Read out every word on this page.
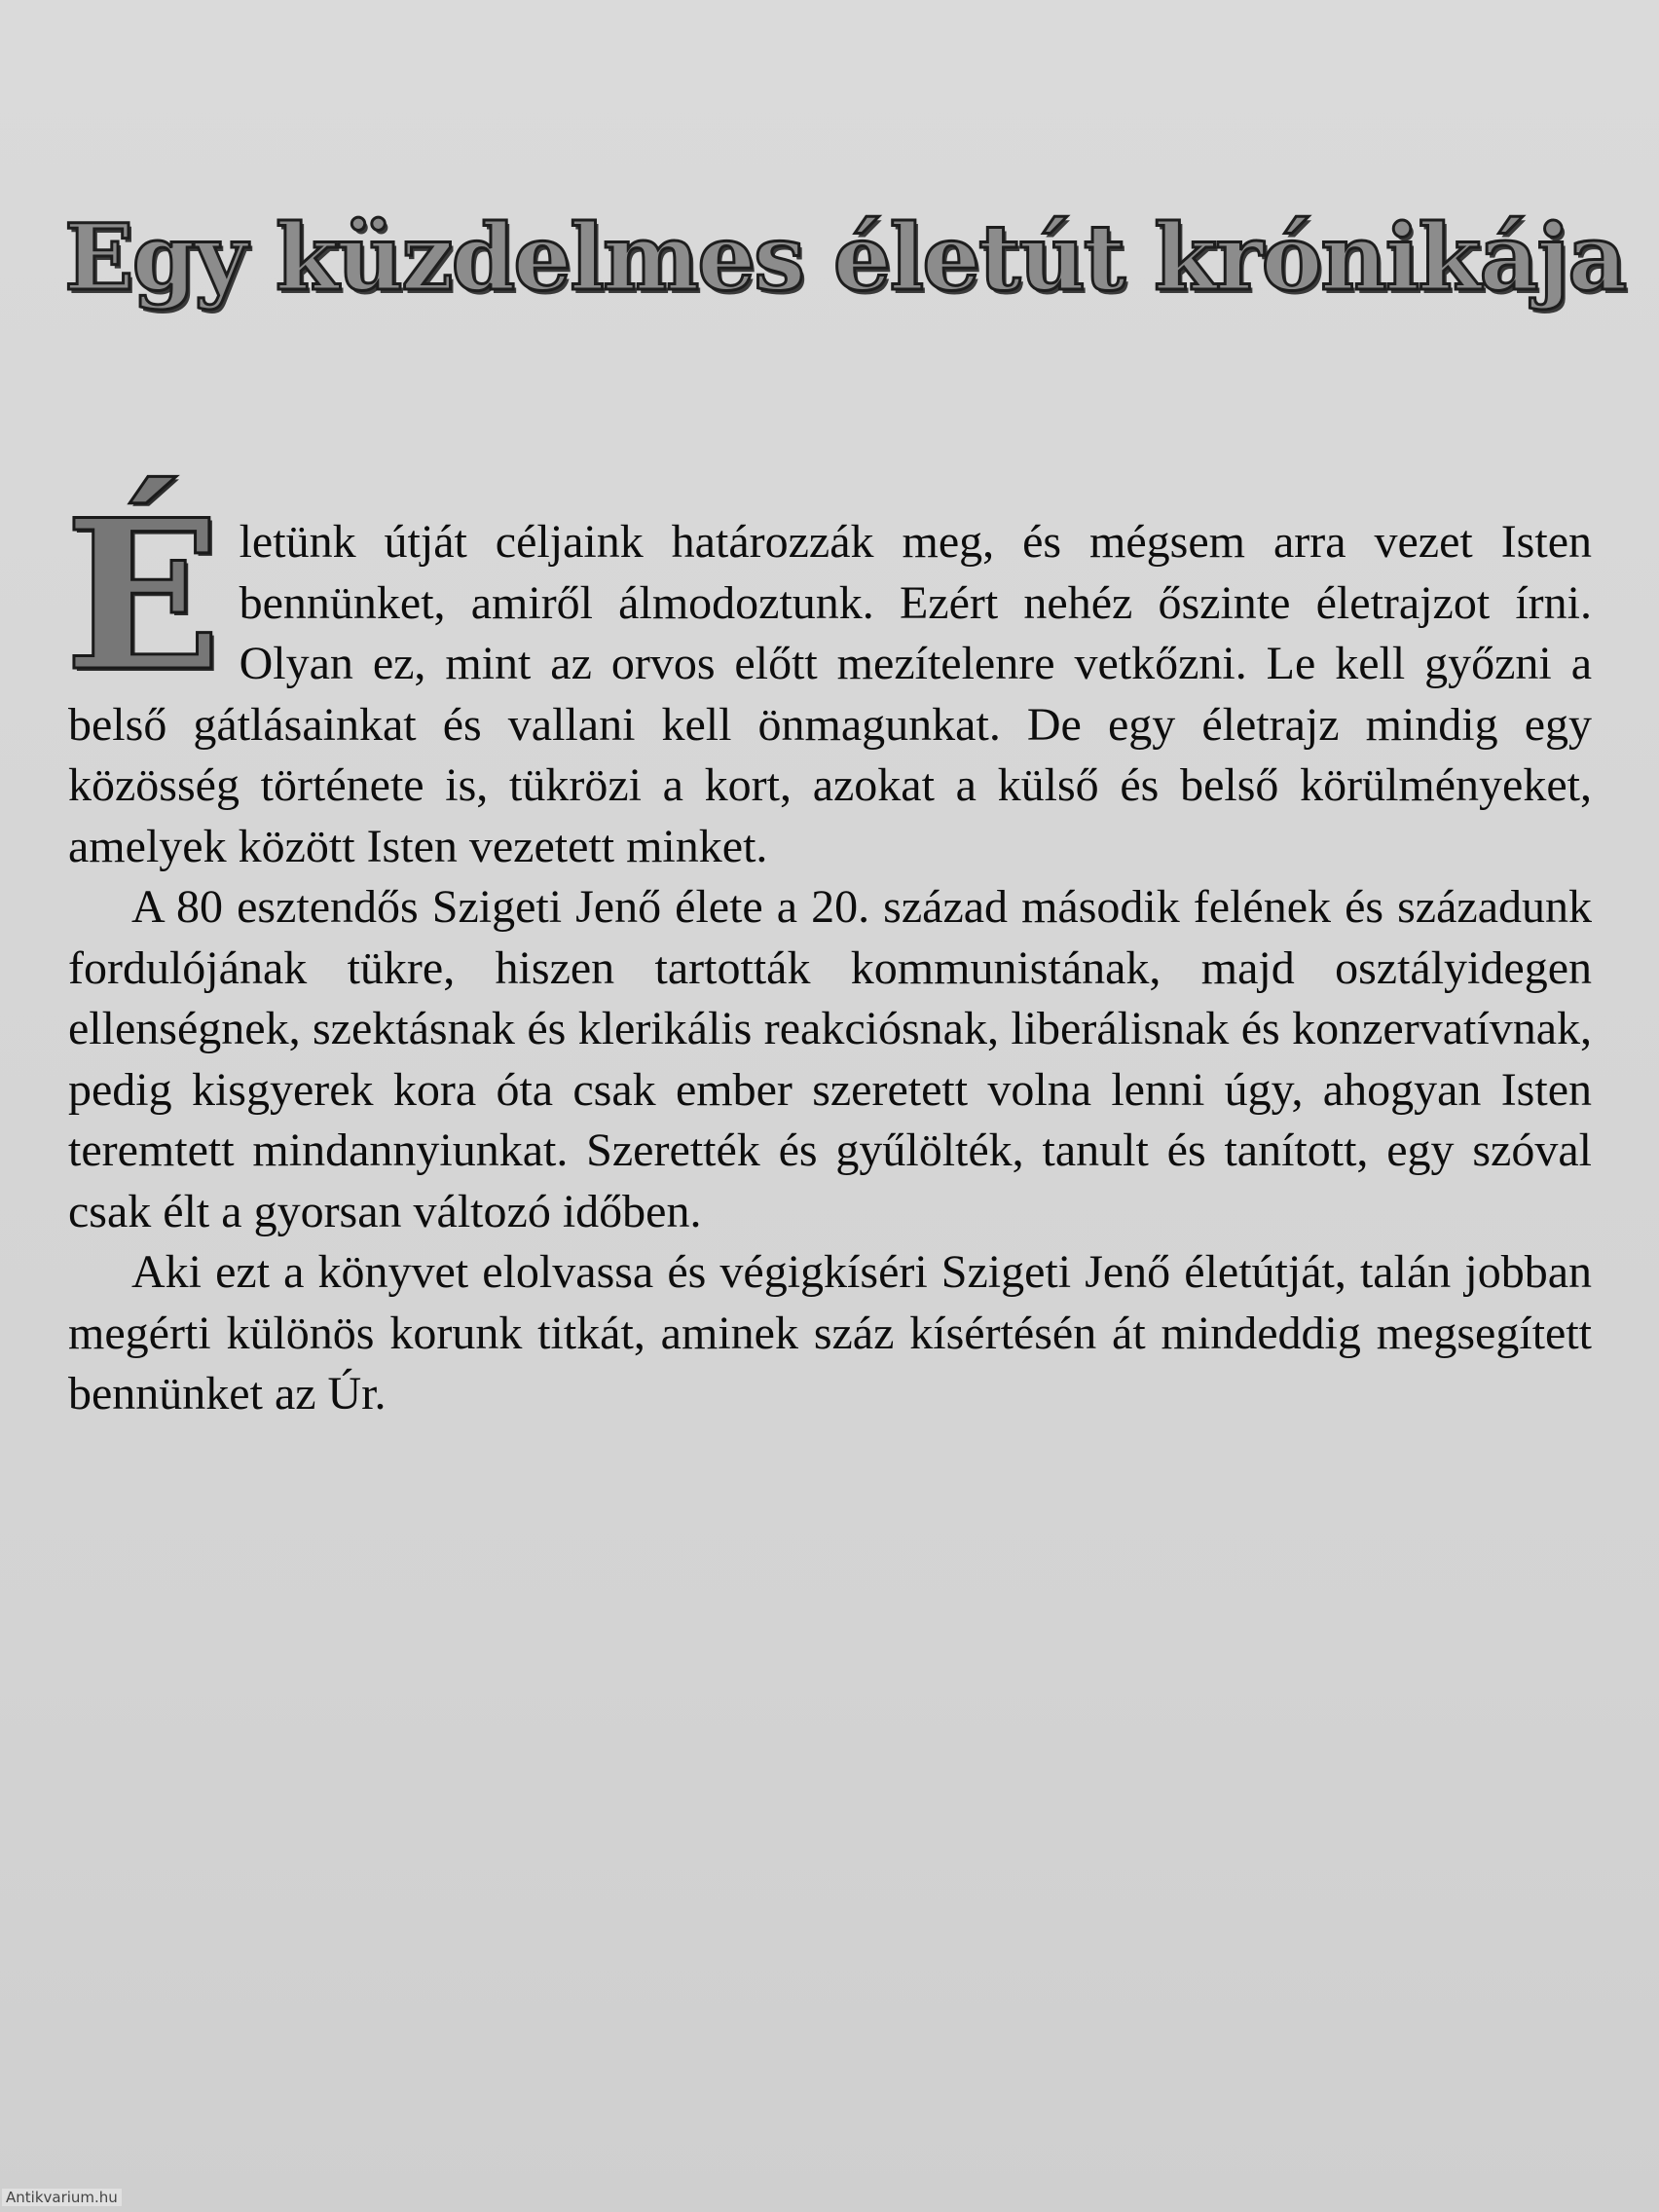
Egy küzdelmes életút krónikája

Életünk útját céljaink határozzák meg, és mégsem arra vezet Isten bennünket, amiről álmodoztunk. Ezért nehéz őszinte életrajzot írni. Olyan ez, mint az orvos előtt mezítelenre vetkőzni. Le kell győzni a belső gátlásainkat és vallani kell önmagunkat. De egy életrajz mindig egy közösség története is, tükrözi a kort, azokat a külső és belső körülményeket, amelyek között Isten vezetett minket.

A 80 esztendős Szigeti Jenő élete a 20. század második felének és századunk fordulójának tükre, hiszen tartották kommunistának, majd osztályidegen ellenségnek, szektásnak és klerikális reakciósnak, liberálisnak és konzervatívnak, pedig kisgyerek kora óta csak ember szeretett volna lenni úgy, ahogyan Isten teremtett mindannyiunkat. Szerették és gyűlölték, tanult és tanított, egy szóval csak élt a gyorsan változó időben.

Aki ezt a könyvet elolvassa és végigkíséri Szigeti Jenő életútját, talán jobban megérti különös korunk titkát, aminek száz kísértésén át mindeddig megsegített bennünket az Úr.

Antikvarium.hu
